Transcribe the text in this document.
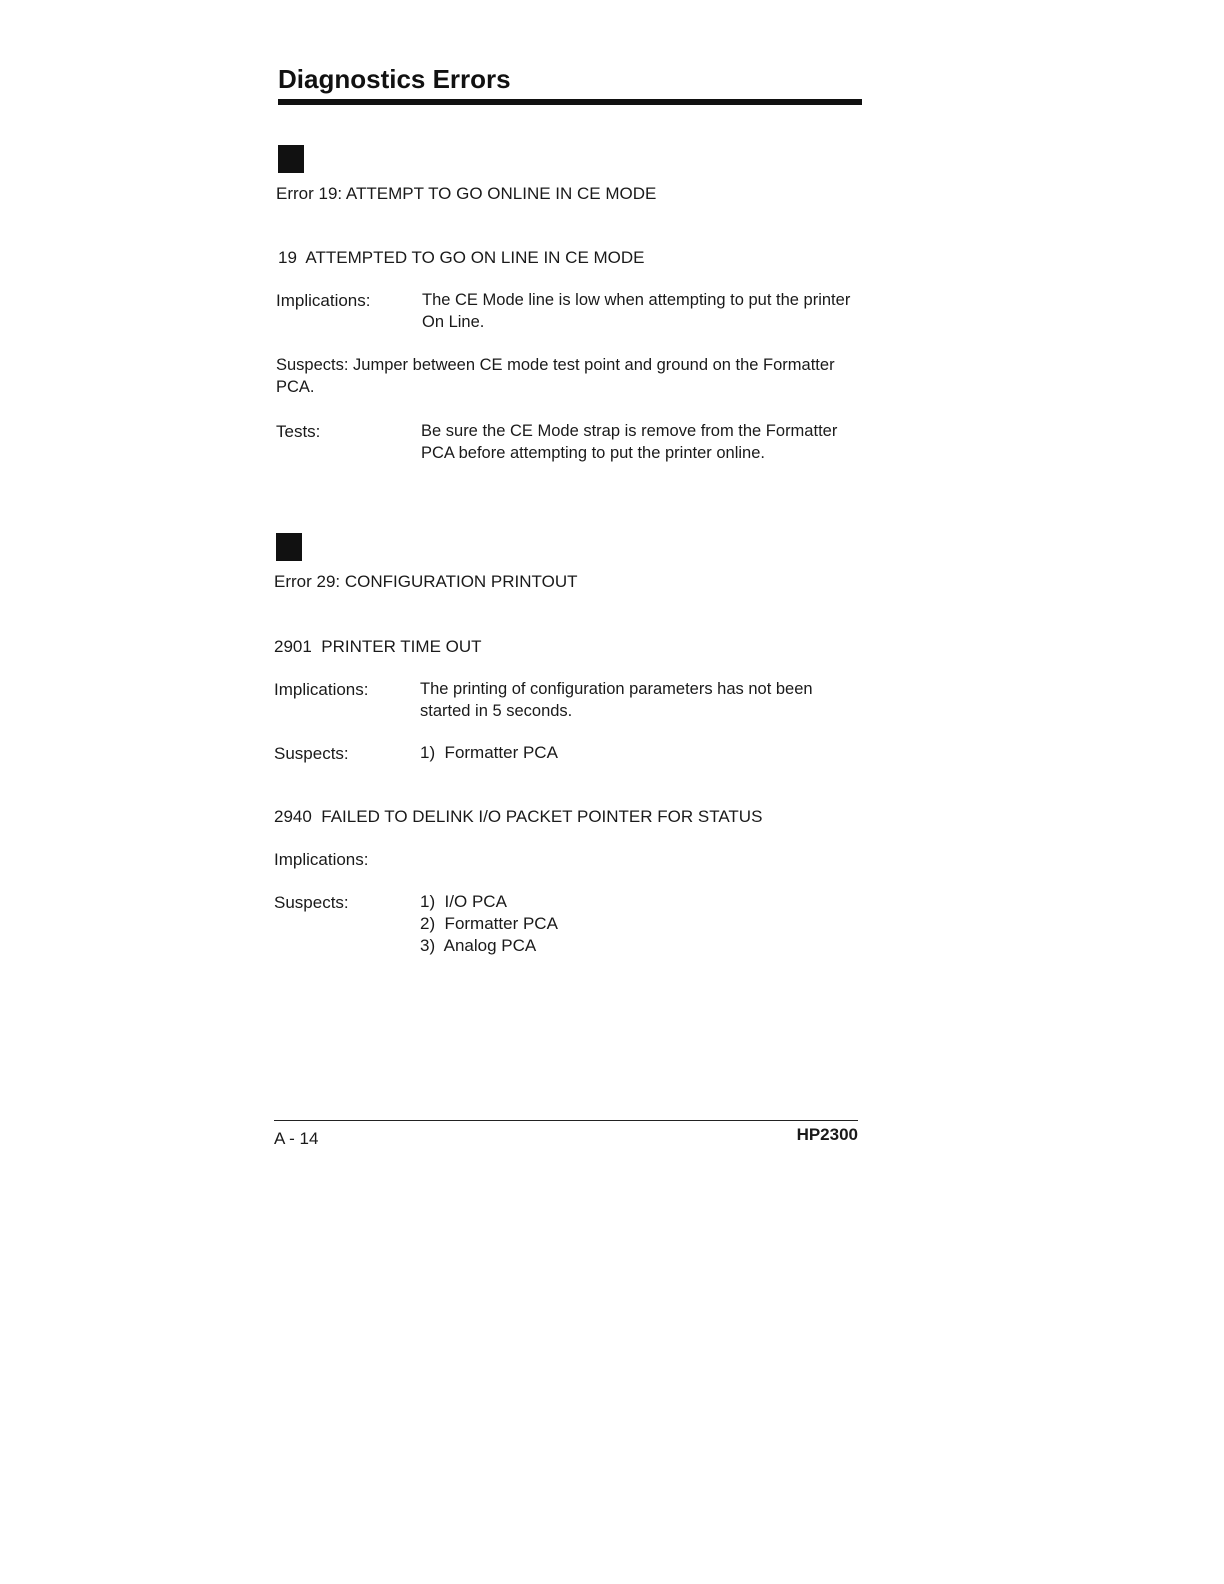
Diagnostics Errors
Error 19: ATTEMPT TO GO ONLINE IN CE MODE
19  ATTEMPTED TO GO ON LINE IN CE MODE
Implications:	The CE Mode line is low when attempting to put the printer On Line.
Suspects: Jumper between CE mode test point and ground on the Formatter PCA.
Tests:	Be sure the CE Mode strap is remove from the Formatter PCA before attempting to put the printer online.
Error 29: CONFIGURATION PRINTOUT
2901  PRINTER TIME OUT
Implications:	The printing of configuration parameters has not been started in 5 seconds.
Suspects:	1)  Formatter PCA
2940  FAILED TO DELINK I/O PACKET POINTER FOR STATUS
Implications:
Suspects:	1)  I/O PCA
2)  Formatter PCA
3)  Analog PCA
A - 14	HP2300
